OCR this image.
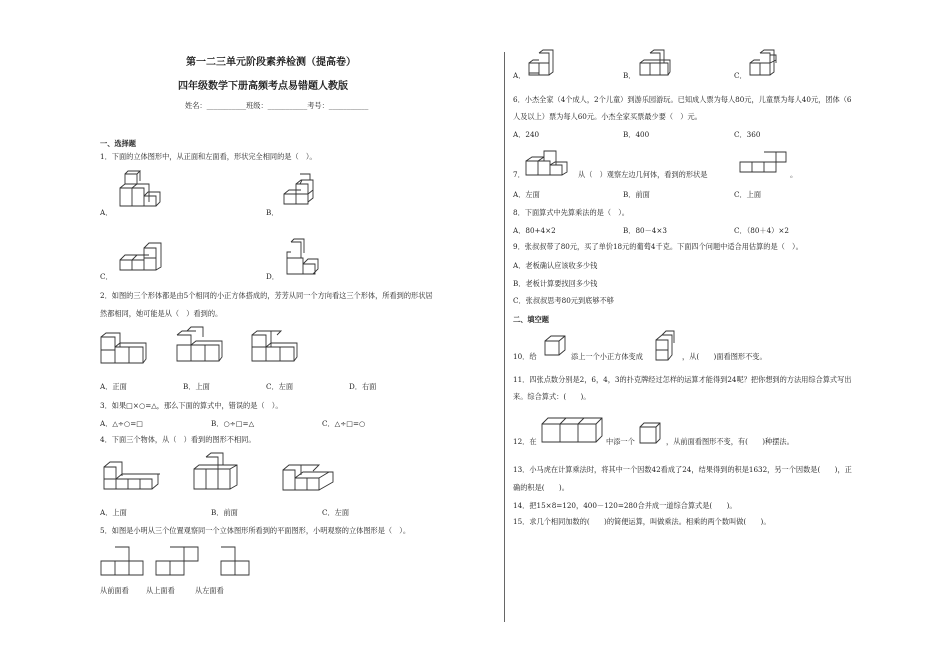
第一二三单元阶段素养检测（提高卷）
四年级数学下册高频考点易错题人教版
姓名：___________班级：___________考号：___________
一、选择题
1．下面的立体图形中，从正面和左面看，形状完全相同的是（　）。
A．	B．
C．	D．
2．如图的三个形体都是由5个相同的小正方体搭成的，芳芳从同一个方向看这三个形体，所看到的形状居
然都相同，她可能是从（　）看到的。
A．正面	B．上面	C．左面	D．右面
3．如果□×○=△，那么下面的算式中，错误的是（　）。
A．△÷○=□	B．○÷□=△	C．△÷□=○
4．下面三个物体，从（　）看到的图形不相同。
A．上面	B．前面	C．左面
5．如图是小明从三个位置观察同一个立体图形所看到的平面图形，小明观察的立体图形是（　）。
从前面看 从上面看	从左面看
A．	B．	C．
6．小杰全家（4个成人，2个儿童）到游乐园游玩。已知成人票为每人80元，儿童票为每人40元，团体（6
人及以上）票为每人60元。小杰全家买票最少要（　）元。
A．240	B．400	C．360
7．	从（　）观察左边几何体，看到的形状是	。
A．左面	B．前面	C．上面
8．下面算式中先算乘法的是（　）。
A．80+4×2	B．80－4×3	C．（80＋4）×2
9．张叔叔带了80元，买了单价18元的葡萄4千克。下面四个问题中适合用估算的是（　）。
A．老板确认应该收多少钱
B．老板计算要找回多少钱
C．张叔叔思考80元到底够不够
二、填空题
10．给	添上一个小正方体变成	，从(　　)面看图形不变。
11．四张点数分别是2，6，4，3的扑克牌经过怎样的运算才能得到24呢？把你想到的方法用综合算式写出
来。综合算式：(　　)。
12．在	中添一个	，从前面看图形不变，有(　　)种摆法。
13．小马虎在计算乘法时，将其中一个因数42看成了24，结果得到的积是1632，另一个因数是(　　)，正
确的积是(　　)。
14．把15×8=120，400－120=280合并成一道综合算式是(　　)。
15．求几个相同加数的(　　)的简便运算，叫做乘法。相乘的两个数叫做(　　)。
